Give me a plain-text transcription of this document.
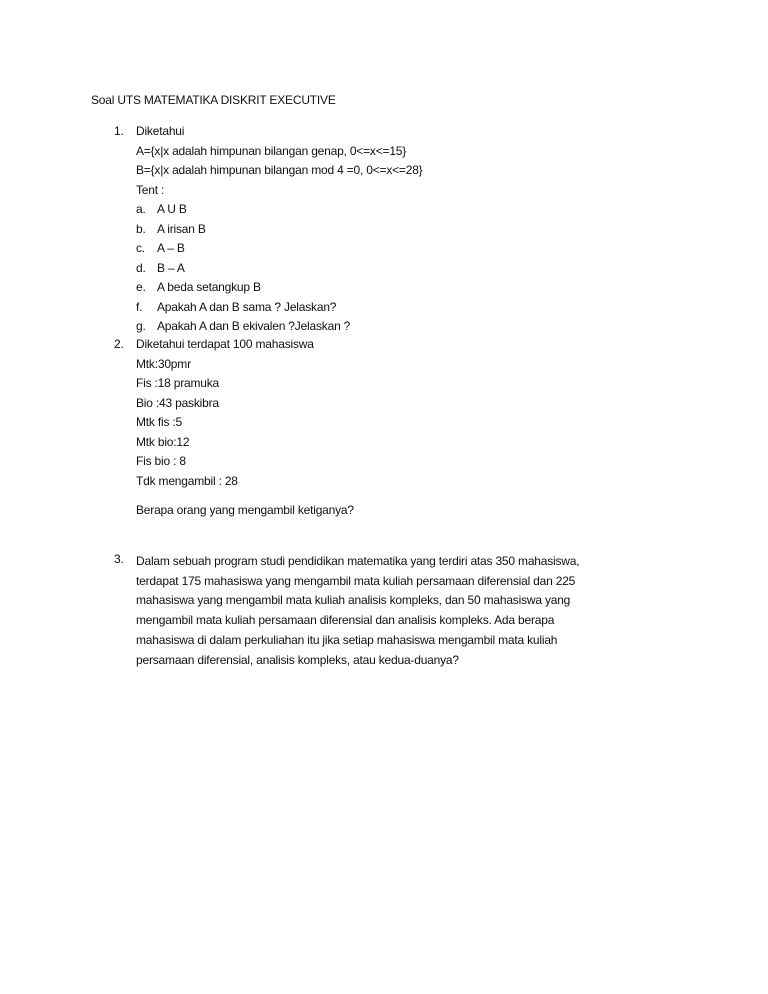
Soal UTS MATEMATIKA DISKRIT EXECUTIVE
1. Diketahui
A={x|x adalah himpunan bilangan genap, 0<=x<=15}
B={x|x adalah himpunan bilangan mod 4 =0, 0<=x<=28}
Tent :
a. A U B
b. A irisan B
c. A – B
d. B – A
e. A beda setangkup B
f. Apakah A dan B sama ? Jelaskan?
g. Apakah A dan B ekivalen ?Jelaskan ?
2. Diketahui terdapat 100 mahasiswa
Mtk:30pmr
Fis :18 pramuka
Bio :43 paskibra
Mtk fis :5
Mtk bio:12
Fis bio : 8
Tdk mengambil : 28
Berapa orang yang mengambil ketiganya?
3. Dalam sebuah program studi pendidikan matematika yang terdiri atas 350 mahasiswa,
terdapat 175 mahasiswa yang mengambil mata kuliah persamaan diferensial dan 225
mahasiswa yang mengambil mata kuliah analisis kompleks, dan 50 mahasiswa yang
mengambil mata kuliah persamaan diferensial dan analisis kompleks. Ada berapa
mahasiswa di dalam perkuliahan itu jika setiap mahasiswa mengambil mata kuliah
persamaan diferensial, analisis kompleks, atau kedua-duanya?
